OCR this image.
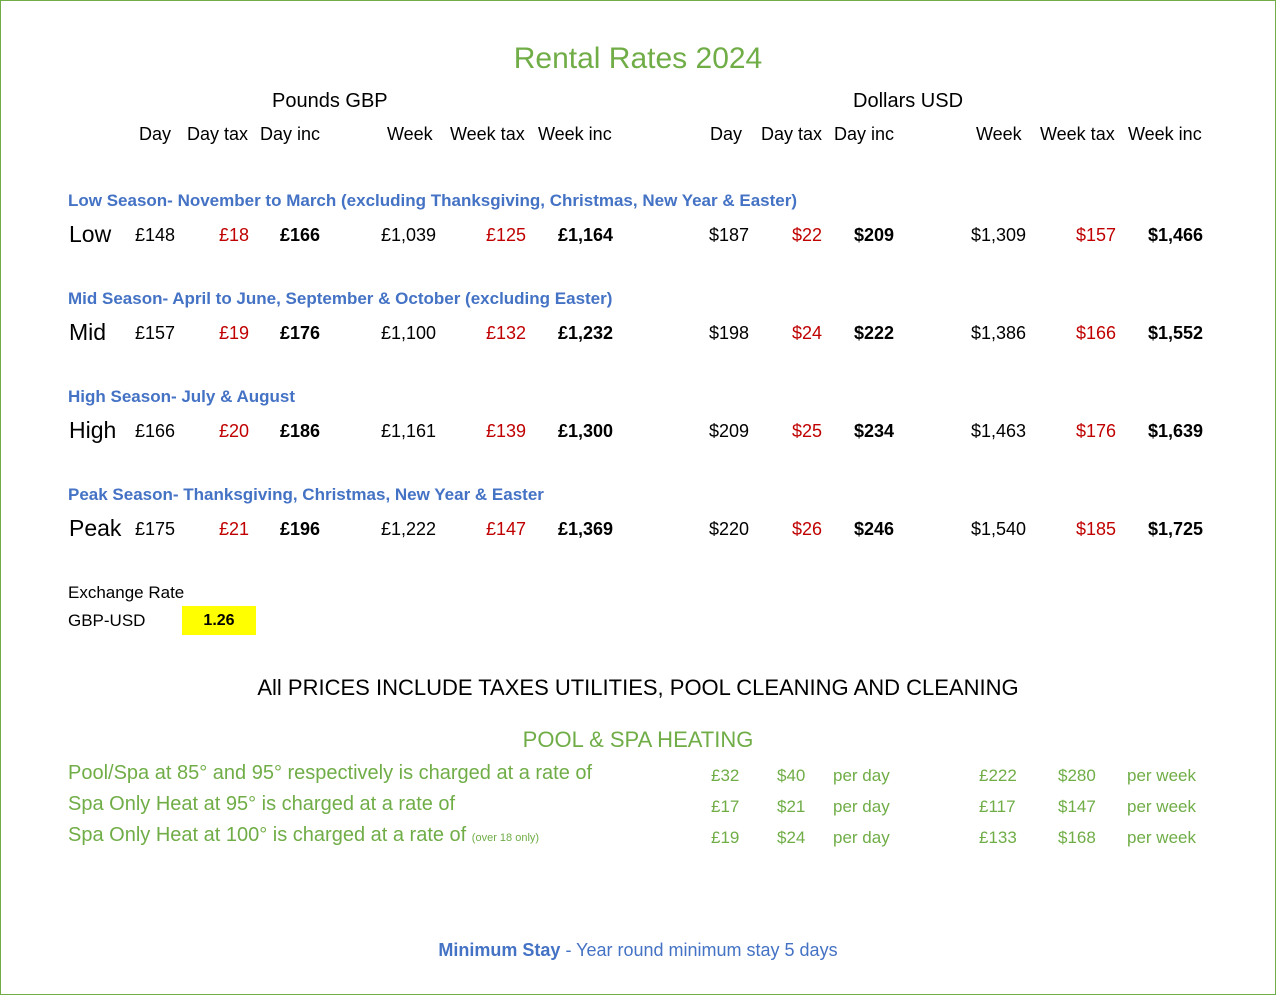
Rental Rates 2024
Pounds GBP	Dollars USD
Day Day tax Day inc	Week Week tax Week inc	Day Day tax Day inc	Week Week tax Week inc
Low Season- November to March (excluding Thanksgiving, Christmas, New Year & Easter)
Low £148 £18 £166	£1,039	£125 £1,164	$187 $22 $209	$1,309	$157 $1,466
Mid Season- April to June, September & October (excluding Easter)
Mid £157 £19 £176	£1,100	£132 £1,232	$198 $24 $222	$1,386	$166 $1,552
High Season- July & August
High £166 £20 £186	£1,161	£139 £1,300	$209 $25 $234	$1,463	$176 $1,639
Peak Season- Thanksgiving, Christmas, New Year & Easter
Peak £175 £21 £196	£1,222	£147 £1,369	$220 $26 $246	$1,540	$185 $1,725
Exchange Rate
GBP-USD	1.26
All PRICES INCLUDE TAXES UTILITIES, POOL CLEANING AND CLEANING
POOL & SPA HEATING
Pool/Spa at 85° and 95° respectively is charged at a rate of	£32 $40 per day	£222 $280 per week
Spa Only Heat at 95° is charged at a rate of	£17 $21 per day	£117 $147 per week
Spa Only Heat at 100° is charged at a rate of (over 18 only)	£19 $24 per day	£133 $168 per week
Minimum Stay - Year round minimum stay 5 days
